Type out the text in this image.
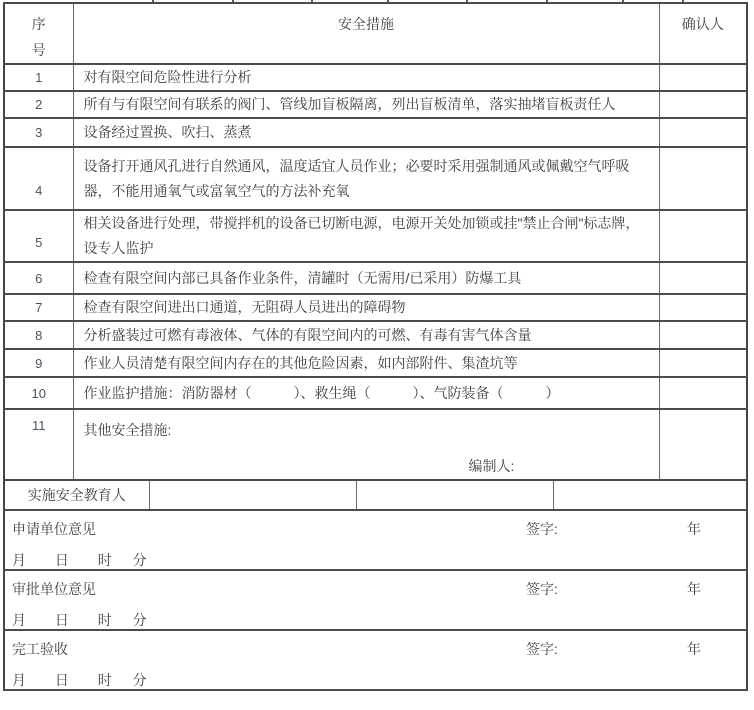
序
号	安全措施				确认人
1	对有限空间危险性进行分析				
2	所有与有限空间有联系的阀门、管线加盲板隔离，列出盲板清单，落实抽堵盲板责任人				
3	设备经过置换、吹扫、蒸煮				
4	设备打开通风孔进行自然通风，温度适宜人员作业；必要时采用强制通风或佩戴空气呼吸器，不能用通氧气或富氧空气的方法补充氧				
5	相关设备进行处理，带搅拌机的设备已切断电源，电源开关处加锁或挂"禁止合闸"标志牌，设专人监护				
6	检查有限空间内部已具备作业条件，清罐时（无需用/已采用）防爆工具				
7	检查有限空间进出口通道，无阻碍人员进出的障碍物				
8	分析盛装过可燃有毒液体、气体的有限空间内的可燃、有毒有害气体含量				
9	作业人员清楚有限空间内存在的其他危险因素，如内部附件、集渣坑等				
10	作业监护措施：消防器材（　　　）、救生绳（　　　）、气防装备（　　　）				
11	其他安全措施:
编制人:				

实施安全教育人					

申请单位意见 签字: 年
月 日 时 分					

审批单位意见 签字: 年
月 日 时 分					

完工验收 签字: 年
月 日 时 分					
